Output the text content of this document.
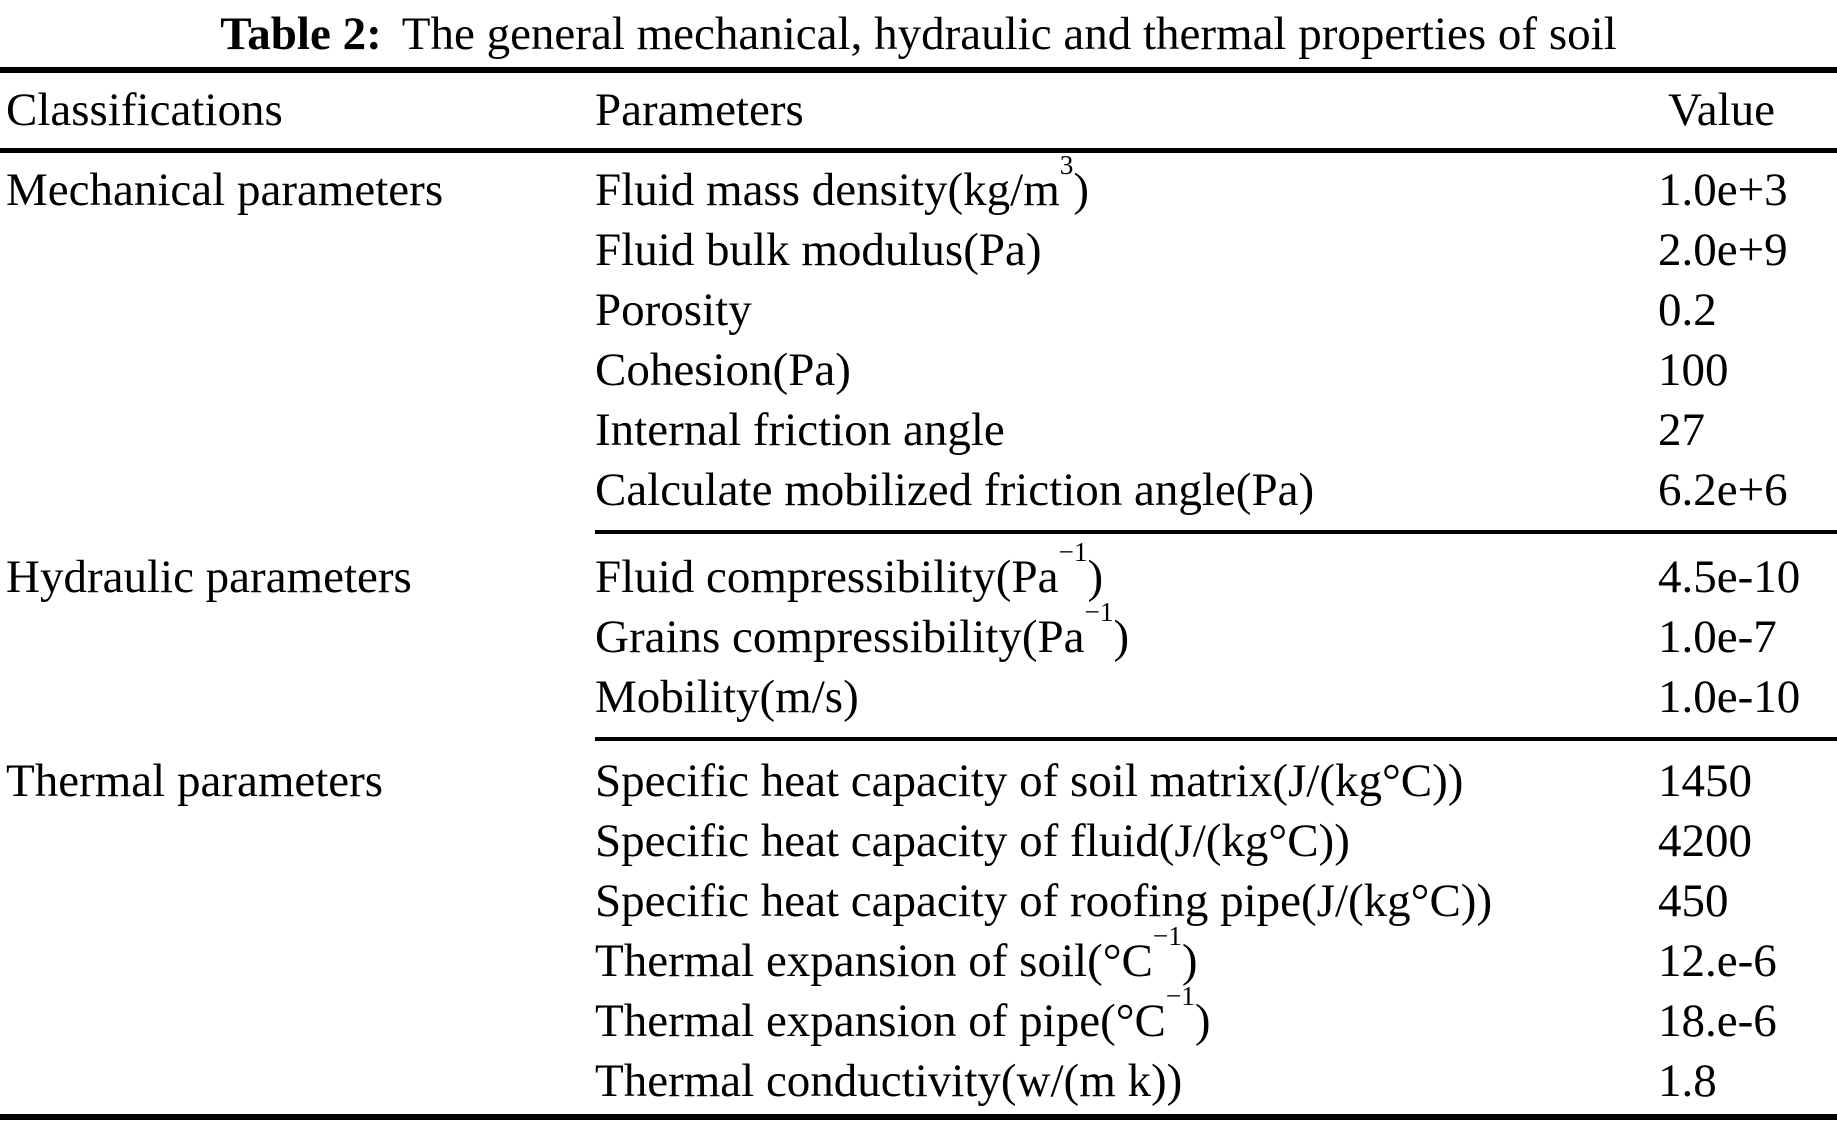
Table 2: The general mechanical, hydraulic and thermal properties of soil
Classifications	Parameters	Value
Mechanical parameters	Fluid mass $density(kg/m^3)$	1.0e+3
Fluid bulk modulus(Pa)	2.0e+9
Porosity	0.2
Cohesion(Pa)	100
Internal friction angle	27
Calculate mobilized friction angle(Pa)	6.2e+6
Hydraulic parameters	Fluid $compressibility(Pa^{-1})$	4.5e-10
Grains $compressibility(Pa^{-1})$	1.0e-7
Mobility(m/s)	1.0e-10
Thermal parameters	Specific heat capacity of soil matrix(J/(kg°C))	1450
Specific heat capacity of fluid(J/(kg°C))	4200
Specific heat capacity of roofing pipe(J/(kg°C))	450
Thermal expansion of $soil(^\circ C^{-1})$	12.e-6
Thermal expansion of $pipe(^\circ C^{-1})$	18.e-6
Thermal conductivity(w/(m k))	1.8
